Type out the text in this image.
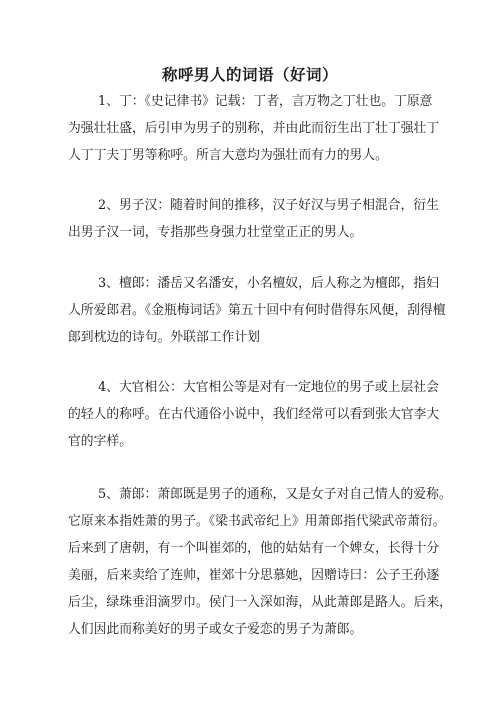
称呼男人的词语（好词）
1、丁：《史记律书》记载：丁者，言万物之丁壮也。丁原意
为强壮壮盛，后引申为男子的别称，并由此而衍生出丁壮丁强壮丁
人丁丁夫丁男等称呼。所言大意均为强壮而有力的男人。
2、男子汉：随着时间的推移，汉子好汉与男子相混合，衍生
出男子汉一词，专指那些身强力壮堂堂正正的男人。
3、檀郎：潘岳又名潘安，小名檀奴，后人称之为檀郎，指妇
人所爱郎君。《金瓶梅词话》第五十回中有何时借得东风便，刮得檀
郎到枕边的诗句。外联部工作计划
4、大官相公：大官相公等是对有一定地位的男子或上层社会
的轻人的称呼。在古代通俗小说中，我们经常可以看到张大官李大
官的字样。
5、萧郎：萧郎既是男子的通称，又是女子对自己情人的爱称。
它原来本指姓萧的男子。《梁书武帝纪上》用萧郎指代梁武帝萧衍。
后来到了唐朝，有一个叫崔郊的，他的姑姑有一个婢女，长得十分
美丽，后来卖给了连帅，崔郊十分思慕她，因赠诗曰：公子王孙逐
后尘，绿珠垂泪滴罗巾。侯门一入深如海，从此萧郎是路人。后来，
人们因此而称美好的男子或女子爱恋的男子为萧郎。
